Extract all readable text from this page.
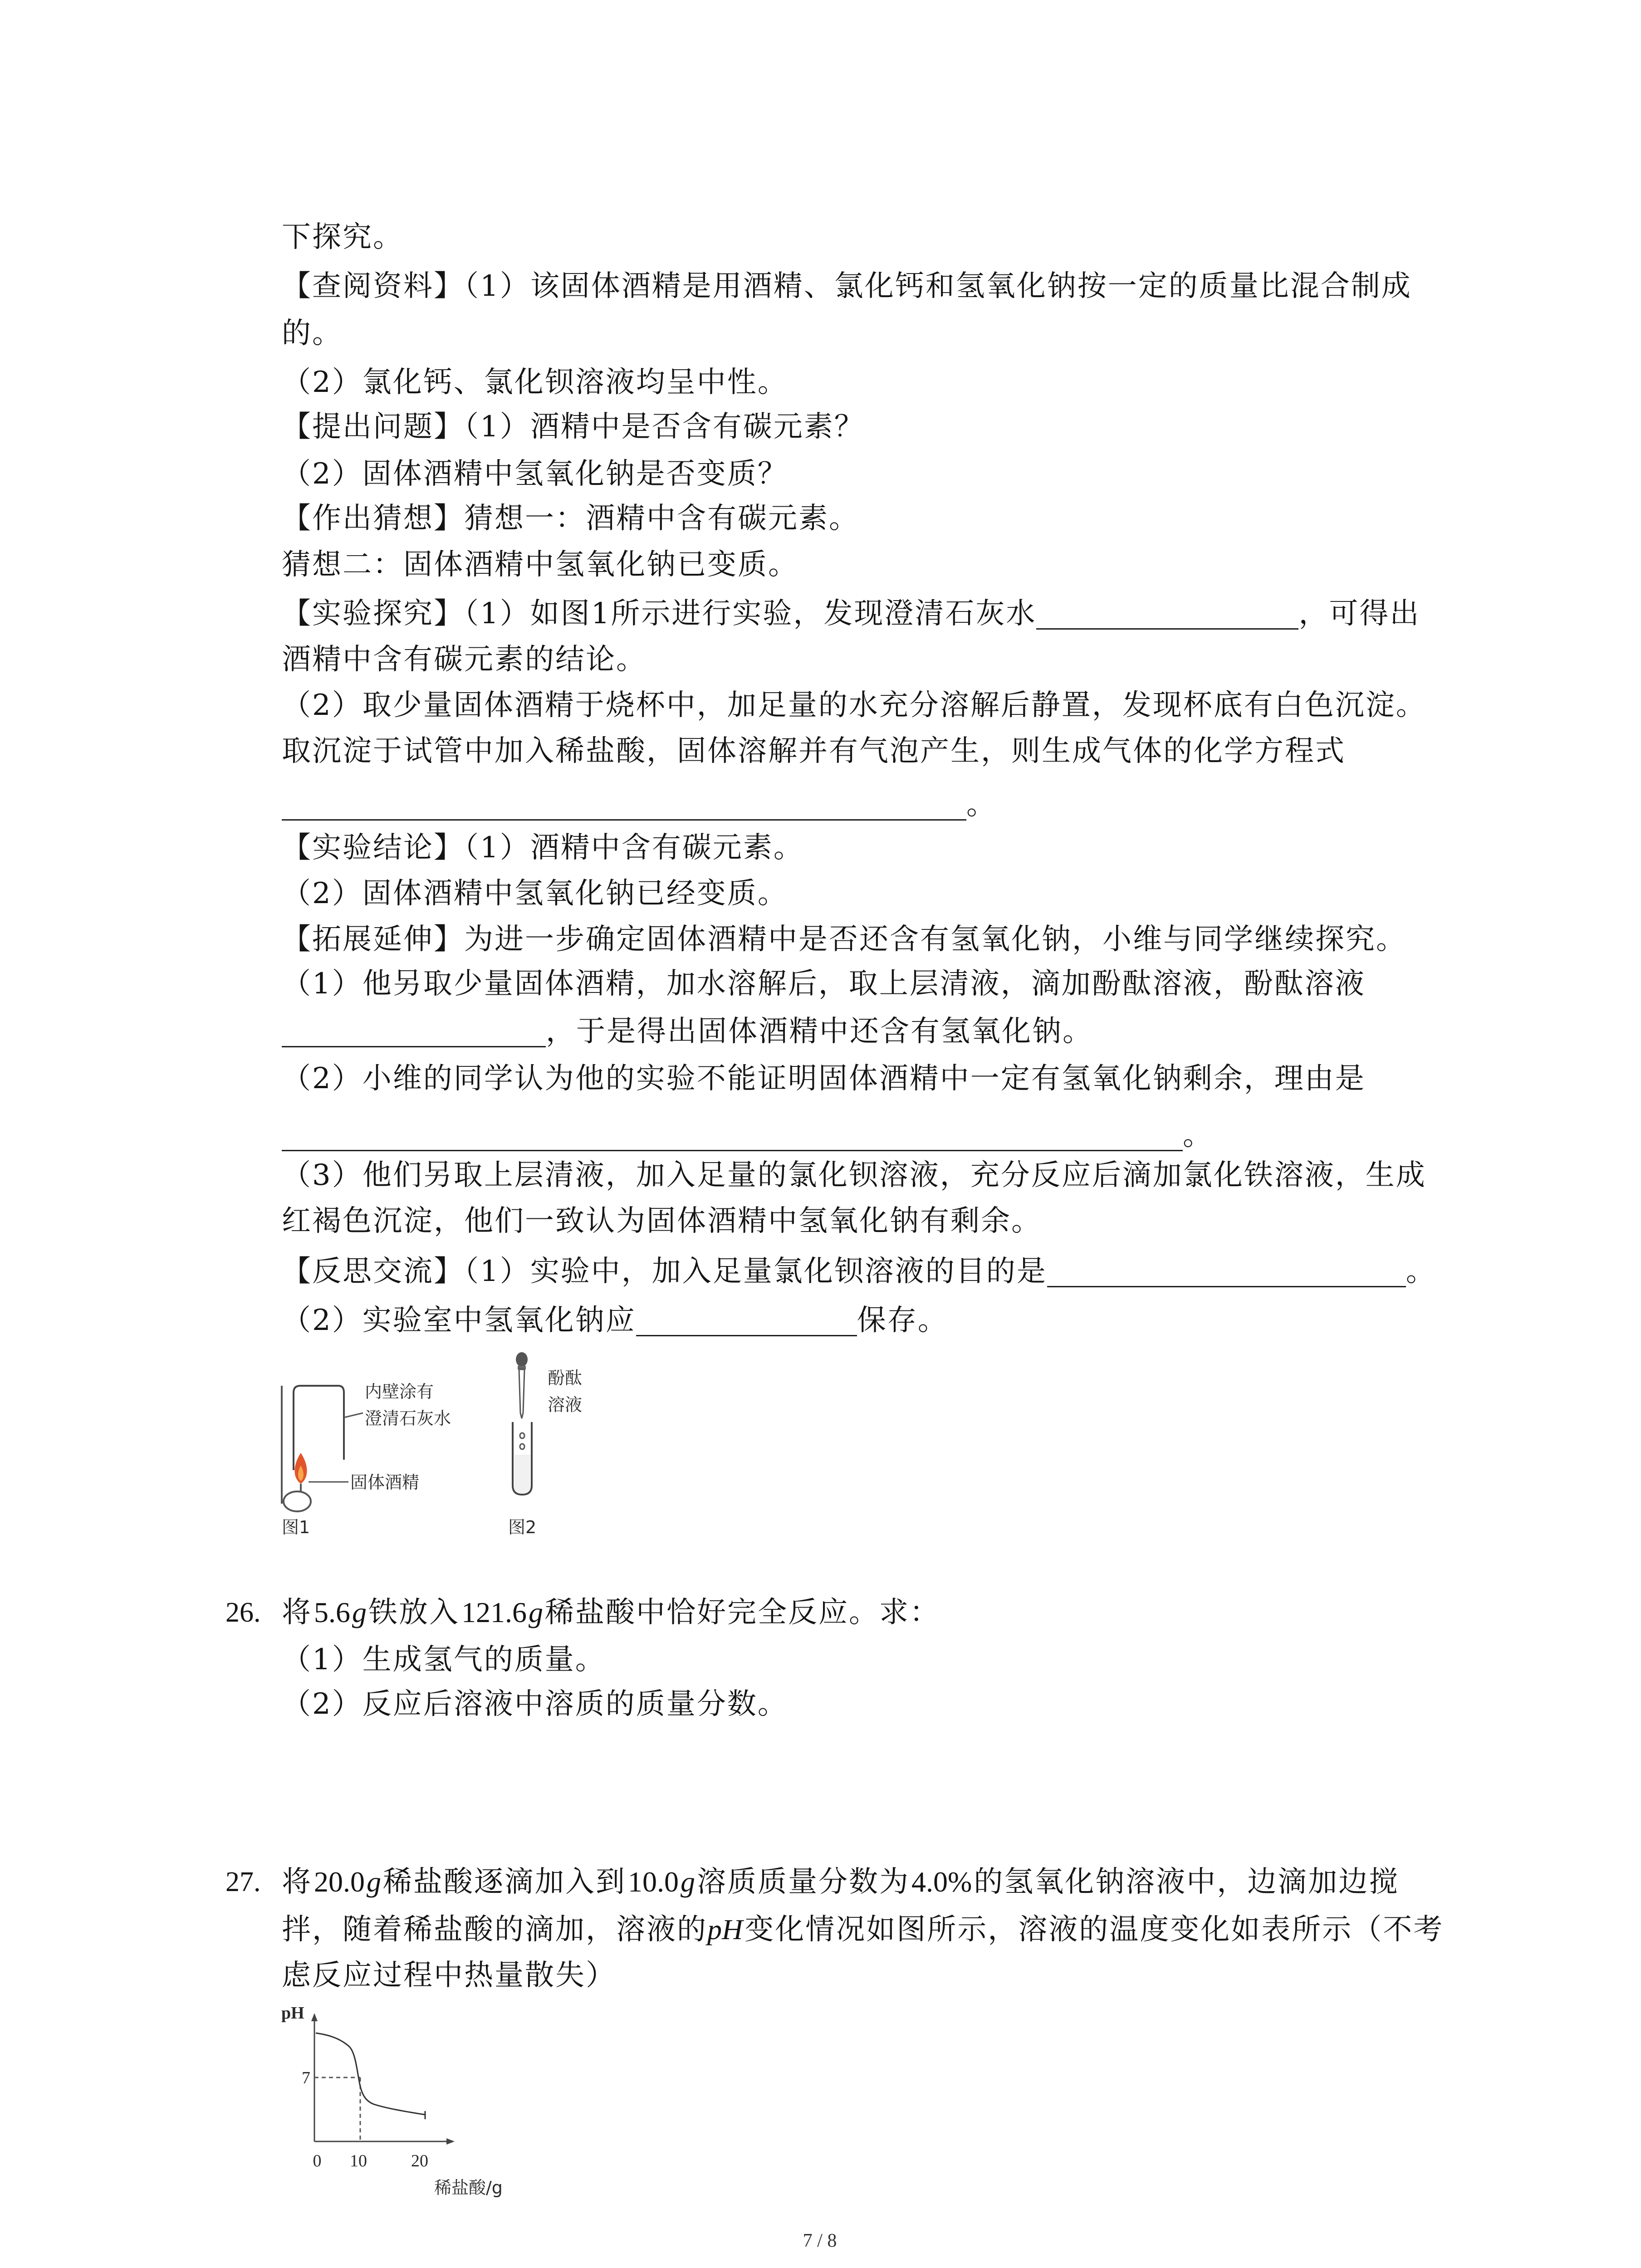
下探究。
【查阅资料】（1）该固体酒精是用酒精、氯化钙和氢氧化钠按一定的质量比混合制成
的。
（2）氯化钙、氯化钡溶液均呈中性。
【提出问题】（1）酒精中是否含有碳元素？
（2）固体酒精中氢氧化钠是否变质？
【作出猜想】猜想一：酒精中含有碳元素。
猜想二：固体酒精中氢氧化钠已变质。
【实验探究】（1）如图1所示进行实验，发现澄清石灰水	，可得出
酒精中含有碳元素的结论。
（2）取少量固体酒精于烧杯中，加足量的水充分溶解后静置，发现杯底有白色沉淀。
取沉淀于试管中加入稀盐酸，固体溶解并有气泡产生，则生成气体的化学方程式
。
【实验结论】（1）酒精中含有碳元素。
（2）固体酒精中氢氧化钠已经变质。
【拓展延伸】为进一步确定固体酒精中是否还含有氢氧化钠，小维与同学继续探究。
（1）他另取少量固体酒精，加水溶解后，取上层清液，滴加酚酞溶液，酚酞溶液
，于是得出固体酒精中还含有氢氧化钠。
（2）小维的同学认为他的实验不能证明固体酒精中一定有氢氧化钠剩余，理由是
。
（3）他们另取上层清液，加入足量的氯化钡溶液，充分反应后滴加氯化铁溶液，生成
红褐色沉淀，他们一致认为固体酒精中氢氧化钠有剩余。
【反思交流】（1）实验中，加入足量氯化钡溶液的目的是	。
（2）实验室中氢氧化钠应	保存。
内壁涂有
澄清石灰水
固体酒精
图1
酚酞
溶液
图2
26. 将5.6g铁放入121.6g稀盐酸中恰好完全反应。求：
（1）生成氢气的质量。
（2）反应后溶液中溶质的质量分数。
27. 将20.0g稀盐酸逐滴加入到10.0g溶质质量分数为4.0%的氢氧化钠溶液中，边滴加边搅
拌，随着稀盐酸的滴加，溶液的pH变化情况如图所示，溶液的温度变化如表所示（不考
虑反应过程中热量散失）
pH
7
0 10	20
稀盐酸/g
7 / 8
